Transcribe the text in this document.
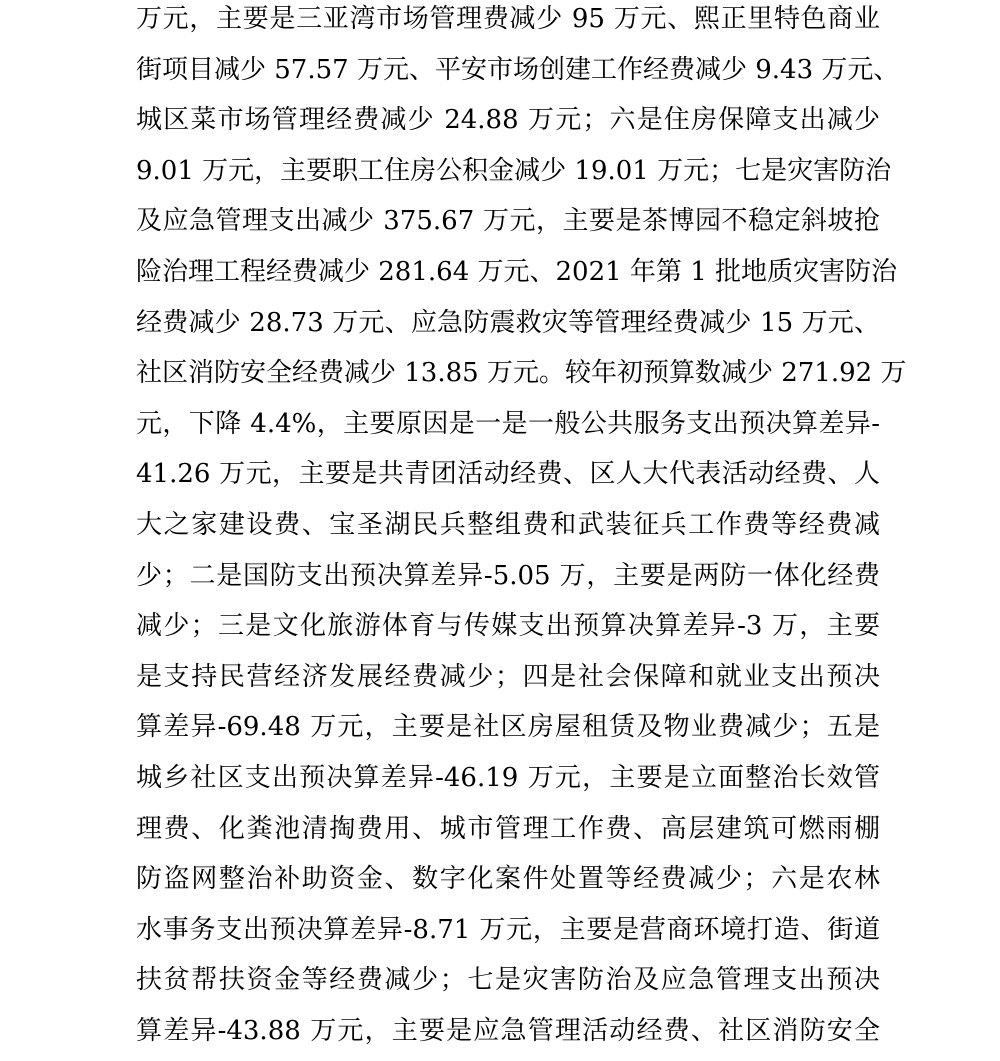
万元，主要是三亚湾市场管理费减少 95 万元、熙正里特色商业
街项目减少 57.57 万元、平安市场创建工作经费减少 9.43 万元、
城区菜市场管理经费减少 24.88 万元；六是住房保障支出减少
9.01 万元，主要职工住房公积金减少 19.01 万元；七是灾害防治
及应急管理支出减少 375.67 万元，主要是茶博园不稳定斜坡抢
险治理工程经费减少 281.64 万元、2021 年第 1 批地质灾害防治
经费减少 28.73 万元、应急防震救灾等管理经费减少 15 万元、
社区消防安全经费减少 13.85 万元。较年初预算数减少 271.92 万
元，下降 4.4%，主要原因是一是一般公共服务支出预决算差异-
41.26 万元，主要是共青团活动经费、区人大代表活动经费、人
大之家建设费、宝圣湖民兵整组费和武装征兵工作费等经费减
少；二是国防支出预决算差异-5.05 万，主要是两防一体化经费
减少；三是文化旅游体育与传媒支出预算决算差异-3 万，主要
是支持民营经济发展经费减少；四是社会保障和就业支出预决
算差异-69.48 万元，主要是社区房屋租赁及物业费减少；五是
城乡社区支出预决算差异-46.19 万元，主要是立面整治长效管
理费、化粪池清掏费用、城市管理工作费、高层建筑可燃雨棚
防盗网整治补助资金、数字化案件处置等经费减少；六是农林
水事务支出预决算差异-8.71 万元，主要是营商环境打造、街道
扶贫帮扶资金等经费减少；七是灾害防治及应急管理支出预决
算差异-43.88 万元，主要是应急管理活动经费、社区消防安全
